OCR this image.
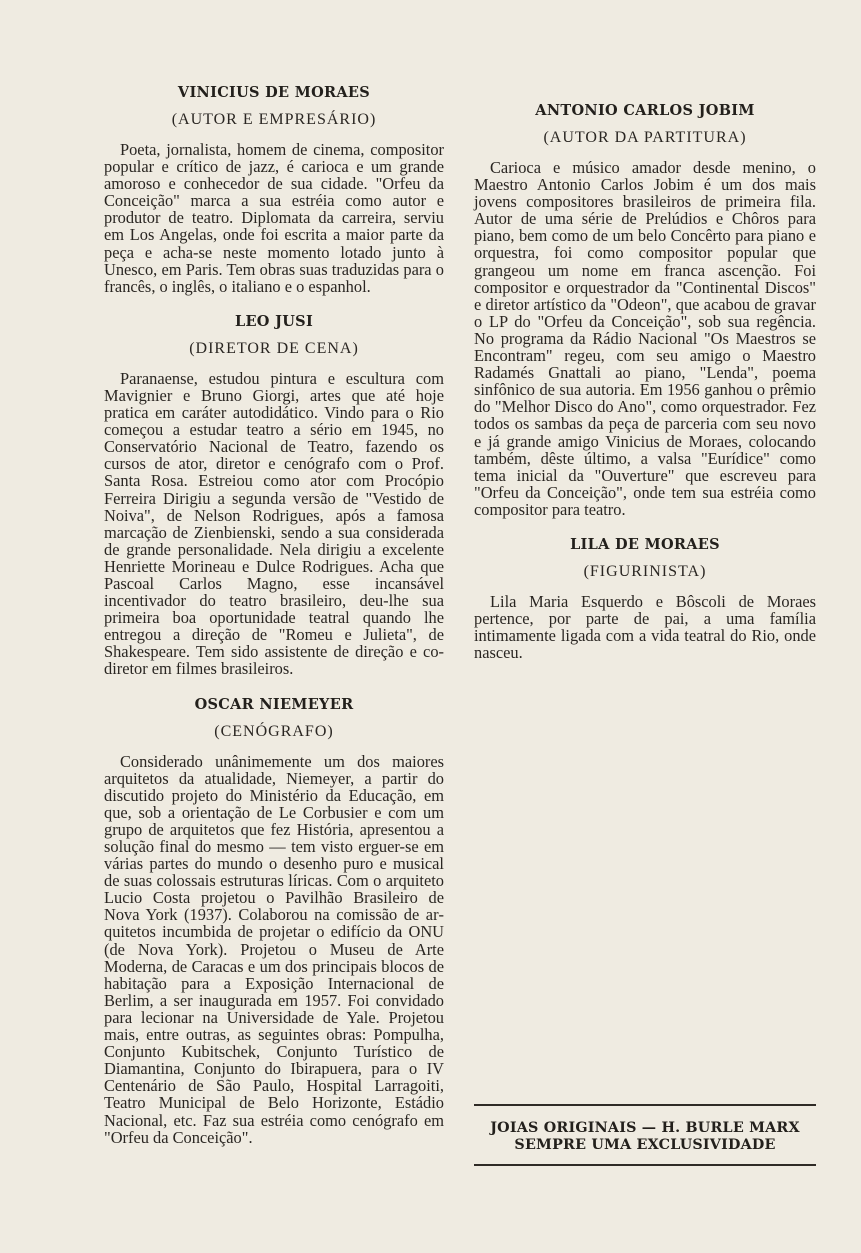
VINICIUS DE MORAES
(AUTOR E EMPRESÁRIO)

Poeta, jornalista, homem de cinema, compositor popular e crítico de jazz, é carioca e um grande amoroso e conhecedor de sua cidade. "Orfeu da Conceição" marca a sua estréia como autor e produtor de teatro. Diplomata da carreira, serviu em Los Angelas, onde foi escrita a maior parte da peça e acha-se neste momento lotado junto à Unesco, em Paris. Tem obras suas traduzidas para o francês, o inglês, o italiano e o espanhol.

LEO JUSI
(DIRETOR DE CENA)

Paranaense, estudou pintura e escultura com Mavignier e Bruno Giorgi, artes que até hoje pratica em caráter autodidático. Vindo para o Rio começou a estudar teatro a sério em 1945, no Conservatório Nacional de Teatro, fazendo os cursos de ator, diretor e cenógrafo com o Prof. Santa Rosa. Estreiou como ator com Procópio Ferreira Dirigiu a segunda versão de "Vestido de Noiva", de Nelson Rodrigues, após a famosa marcação de Zienbienski, sendo a sua considerada de grande personalidade. Nela dirigiu a excelente Henriette Morineau e Dulce Rodrigues. Acha que Pascoal Carlos Magno, esse incansável incentivador do teatro brasileiro, deu-lhe sua primeira boa oportunidade teatral quando lhe entregou a direção de "Romeu e Julieta", de Shakespeare. Tem sido assistente de direção e co-diretor em filmes brasileiros.

OSCAR NIEMEYER
(CENÓGRAFO)

Considerado unânimemente um dos maiores arquitetos da atualidade, Niemeyer, a partir do discutido projeto do Ministério da Educação, em que, sob a orientação de Le Corbusier e com um grupo de arquitetos que fez História, apresentou a solução final do mesmo — tem visto erguer-se em várias partes do mundo o desenho puro e musical de suas colossais estruturas líricas. Com o arquiteto Lucio Costa projetou o Pavilhão Brasileiro de Nova York (1937). Colaborou na comissão de arquitetos incumbida de projetar o edifício da ONU (de Nova York). Projetou o Museu de Arte Moderna, de Caracas e um dos principais blocos de habitação para a Exposição Internacional de Berlim, a ser inaugurada em 1957. Foi convidado para lecionar na Universidade de Yale. Projetou mais, entre outras, as seguintes obras: Pompulha, Conjunto Kubitschek, Conjunto Turístico de Diamantina, Conjunto do Ibirapuera, para o IV Centenário de São Paulo, Hospital Larragoiti, Teatro Municipal de Belo Horizonte, Estádio Nacional, etc. Faz sua estréia como cenógrafo em "Orfeu da Conceição".

ANTONIO CARLOS JOBIM
(AUTOR DA PARTITURA)

Carioca e músico amador desde menino, o Maestro Antonio Carlos Jobim é um dos mais jovens compositores brasileiros de primeira fila. Autor de uma série de Prelúdios e Chôros para piano, bem como de um belo Concêrto para piano e orquestra, foi como compositor popular que grangeou um nome em franca ascenção. Foi compositor e orquestrador da "Continental Discos" e diretor artístico da "Odeon", que acabou de gravar o LP do "Orfeu da Conceição", sob sua regência. No programa da Rádio Nacional "Os Maestros se Encontram" regeu, com seu amigo o Maestro Radamés Gnattali ao piano, "Lenda", poema sinfônico de sua autoria. Em 1956 ganhou o prêmio do "Melhor Disco do Ano", como orquestrador. Fez todos os sambas da peça de parceria com seu novo e já grande amigo Vinicius de Moraes, colocando também, dêste último, a valsa "Eurídice" como tema inicial da "Ouverture" que escreveu para "Orfeu da Conceição", onde tem sua estréia como compositor para teatro.

LILA DE MORAES
(FIGURINISTA)

Lila Maria Esquerdo e Bôscoli de Moraes pertence, por parte de pai, a uma família intimamente ligada com a vida teatral do Rio, onde nasceu.

JOIAS ORIGINAIS — H. BURLE MARX
SEMPRE UMA EXCLUSIVIDADE
